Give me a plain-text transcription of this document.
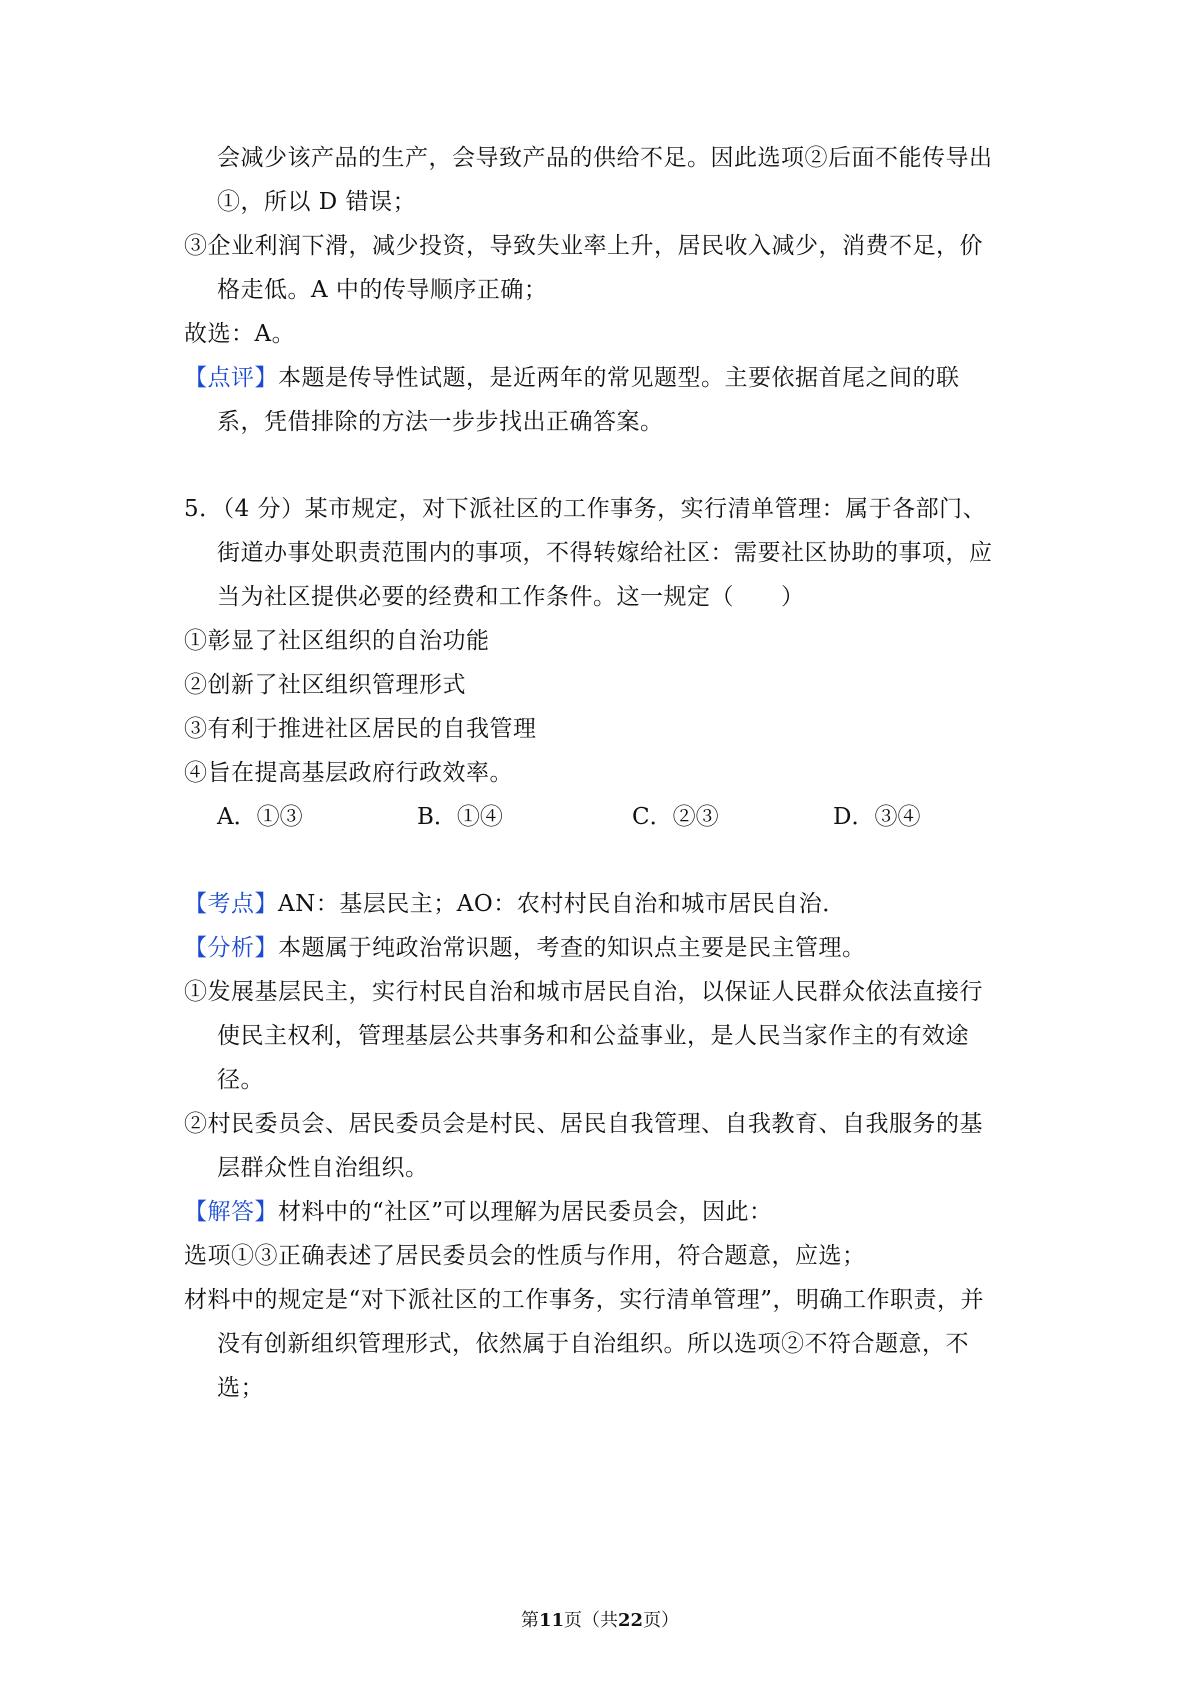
会减少该产品的生产，会导致产品的供给不足。因此选项②后面不能传导出
①，所以 D 错误；
③企业利润下滑，减少投资，导致失业率上升，居民收入减少，消费不足，价
格走低。A 中的传导顺序正确；
故选：A。
【点评】本题是传导性试题，是近两年的常见题型。主要依据首尾之间的联
系，凭借排除的方法一步步找出正确答案。
5．（4 分）某市规定，对下派社区的工作事务，实行清单管理：属于各部门、
街道办事处职责范围内的事项，不得转嫁给社区：需要社区协助的事项，应
当为社区提供必要的经费和工作条件。这一规定（　　）
①彰显了社区组织的自治功能
②创新了社区组织管理形式
③有利于推进社区居民的自我管理
④旨在提高基层政府行政效率。
A．①③	B．①④	C．②③	D．③④
【考点】AN：基层民主；AO：农村村民自治和城市居民自治．
【分析】本题属于纯政治常识题，考查的知识点主要是民主管理。
①发展基层民主，实行村民自治和城市居民自治，以保证人民群众依法直接行
使民主权利，管理基层公共事务和和公益事业，是人民当家作主的有效途
径。
②村民委员会、居民委员会是村民、居民自我管理、自我教育、自我服务的基
层群众性自治组织。
【解答】材料中的“社区”可以理解为居民委员会，因此：
选项①③正确表述了居民委员会的性质与作用，符合题意，应选；
材料中的规定是“对下派社区的工作事务，实行清单管理”，明确工作职责，并
没有创新组织管理形式，依然属于自治组织。所以选项②不符合题意，不
选；
第11页（共22页）
